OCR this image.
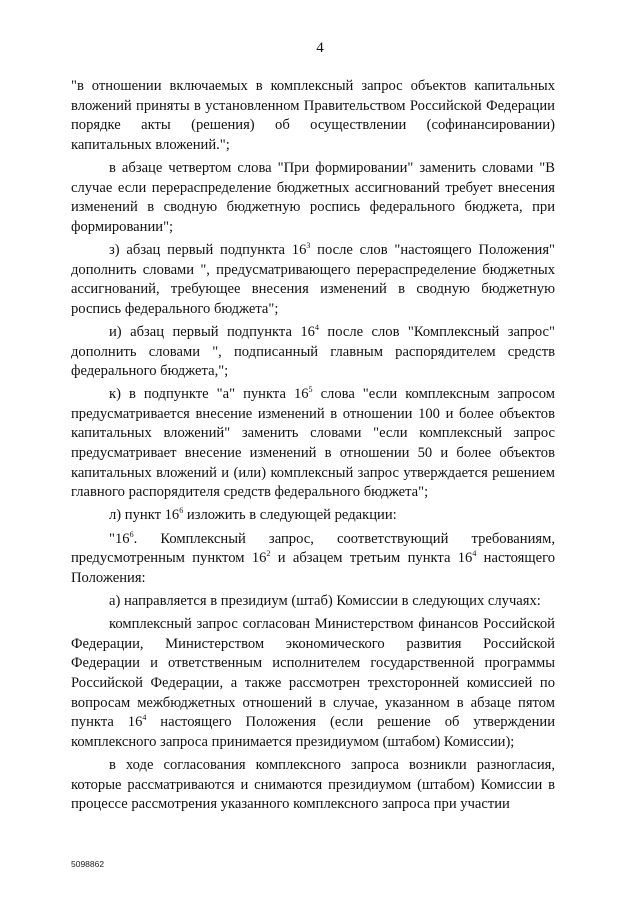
4

"в отношении включаемых в комплексный запрос объектов капитальных вложений приняты в установленном Правительством Российской Федерации порядке акты (решения) об осуществлении (софинансировании) капитальных вложений.";

в абзаце четвертом слова "При формировании" заменить словами "В случае если перераспределение бюджетных ассигнований требует внесения изменений в сводную бюджетную роспись федерального бюджета, при формировании";

з) абзац первый подпункта $16^3$ после слов "настоящего Положения" дополнить словами ", предусматривающего перераспределение бюджетных ассигнований, требующее внесения изменений в сводную бюджетную роспись федерального бюджета";

и) абзац первый подпункта $16^4$ после слов "Комплексный запрос" дополнить словами ", подписанный главным распорядителем средств федерального бюджета,";

к) в подпункте "а" пункта $16^5$ слова "если комплексным запросом предусматривается внесение изменений в отношении 100 и более объектов капитальных вложений" заменить словами "если комплексный запрос предусматривает внесение изменений в отношении 50 и более объектов капитальных вложений и (или) комплексный запрос утверждается решением главного распорядителя средств федерального бюджета";

л) пункт $16^6$ изложить в следующей редакции:

"$16^6$. Комплексный запрос, соответствующий требованиям, предусмотренным пунктом $16^2$ и абзацем третьим пункта $16^4$ настоящего Положения:

а) направляется в президиум (штаб) Комиссии в следующих случаях:

комплексный запрос согласован Министерством финансов Российской Федерации, Министерством экономического развития Российской Федерации и ответственным исполнителем государственной программы Российской Федерации, а также рассмотрен трехсторонней комиссией по вопросам межбюджетных отношений в случае, указанном в абзаце пятом пункта $16^4$ настоящего Положения (если решение об утверждении комплексного запроса принимается президиумом (штабом) Комиссии);

в ходе согласования комплексного запроса возникли разногласия, которые рассматриваются и снимаются президиумом (штабом) Комиссии в процессе рассмотрения указанного комплексного запроса при участии

5098862
